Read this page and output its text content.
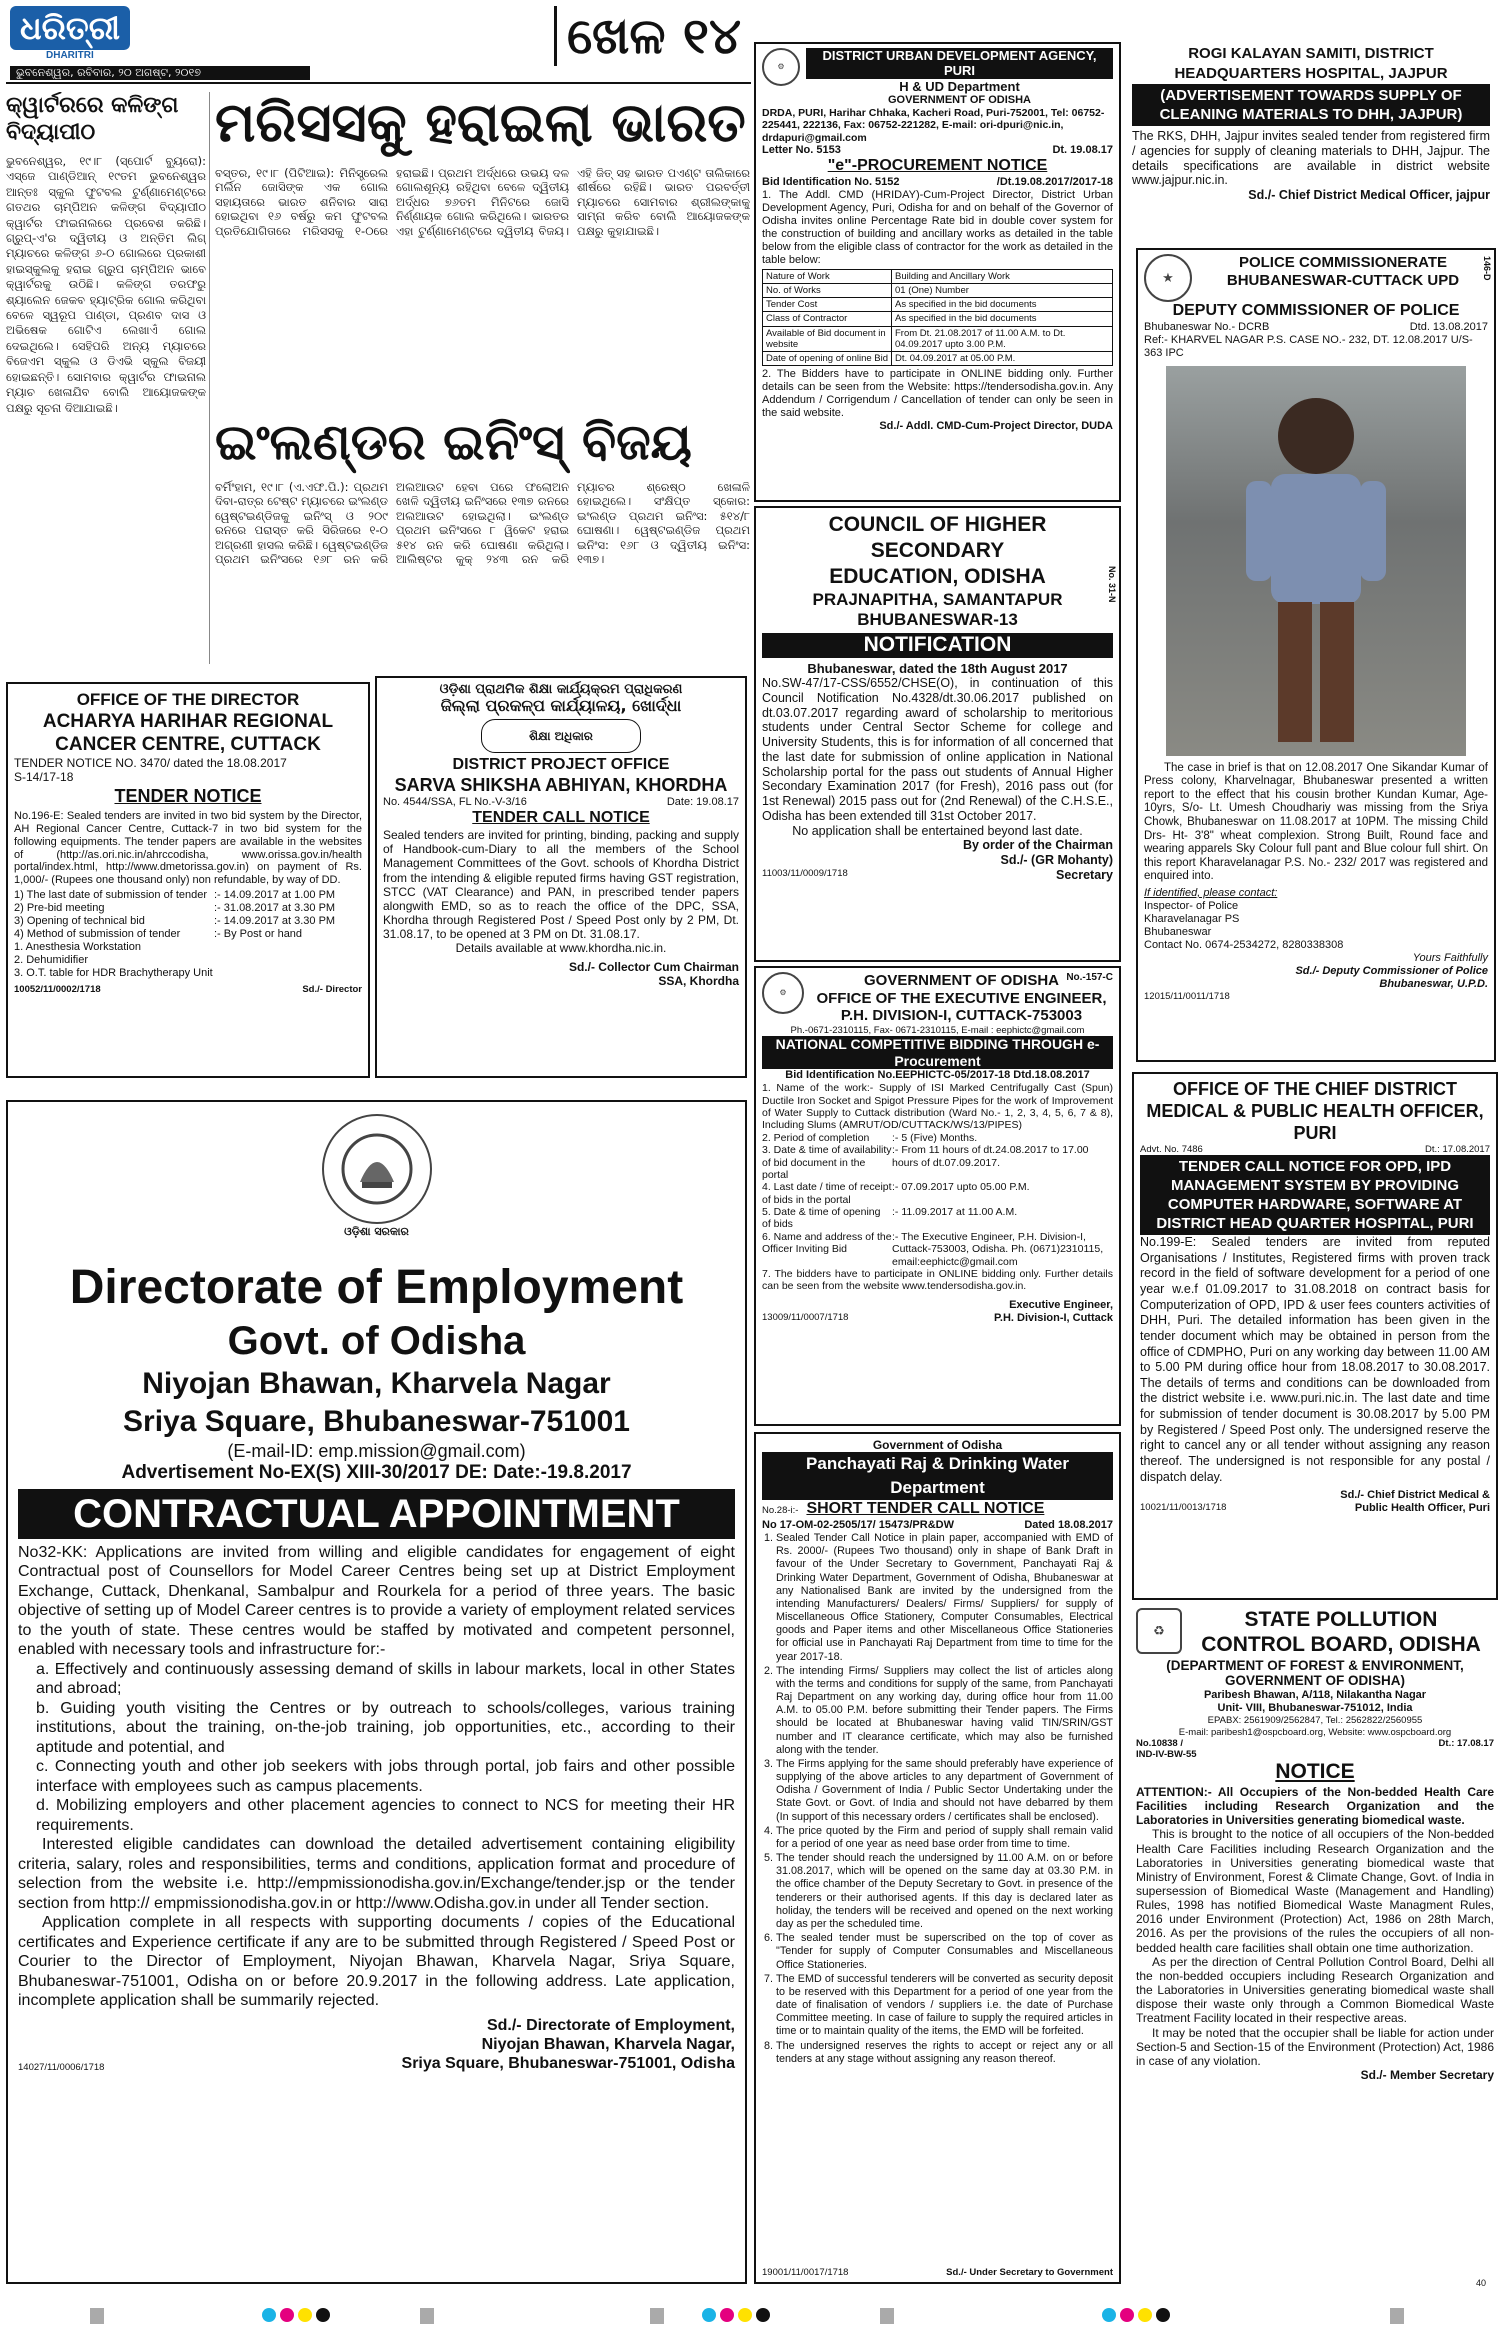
ଧରିତ୍ରୀ
DHARITRI	ଖେଳ ୧୪
ଭୁବନେଶ୍ୱର, ରବିବାର, ୨୦ ଅଗଷ୍ଟ, ୨୦୧୭
କ୍ୱାର୍ଟରରେ କଳିଙ୍ଗ ବିଦ୍ୟାପୀଠ
ଭୁବନେଶ୍ୱର, ୧୯।୮ (ସ୍ପୋର୍ଟ ବ୍ୟୁରୋ): ଏସ୍‌ଜେ ପାଣ୍ଡିଆନ୍ ୧୯ତମ ଭୁବନେଶ୍ୱର ଆନ୍ତଃ ସ୍କୁଲ ଫୁଟବଲ ଟୁର୍ଣ୍ଣାମେଣ୍ଟରେ ଗତଥର ଚାମ୍ପିଅନ କଳିଙ୍ଗ ବିଦ୍ୟାପୀଠ କ୍ୱାର୍ଟର ଫାଇନାଲରେ ପ୍ରବେଶ କରିଛି। ଗ୍ରୁପ୍‌-ଏ'ର ଦ୍ୱିତୀୟ ଓ ଅନ୍ତିମ ଲିଗ୍ ମ୍ୟାଚରେ କଳିଙ୍ଗ ୬-୦ ଗୋଲରେ ପ୍ରକାଶୀ ହାଇସ୍କୁଲକୁ ହରାଇ ଗ୍ରୁପ ଚାମ୍ପିଅନ ଭାବେ କ୍ୱାର୍ଟରକୁ ଉଠିଛି। କଳିଙ୍ଗ ତରଫରୁ ଶ୍ୟାଲେନ ଜେକବ ହ୍ୟାଟ୍ରିକ ଗୋଲ କରିଥିବା ବେଳେ ସ୍ୱରୂପ ପାଣ୍ଡା, ପ୍ରଣବ ଦାସ ଓ ଅଭିଷେକ ଗୋଟିଏ ଲେଖାଏଁ ଗୋଲ ଦେଇଥିଲେ। ସେହିପରି ଅନ୍ୟ ମ୍ୟାଚରେ ବିଜେଏମ ସ୍କୁଲ ଓ ଡିଏଭି ସ୍କୁଲ ବିଜୟୀ ହୋଇଛନ୍ତି। ସୋମବାର କ୍ୱାର୍ଟର ଫାଇନାଲ ମ୍ୟାଚ ଖେଳାଯିବ ବୋଲି ଆୟୋଜକଙ୍କ ପକ୍ଷରୁ ସୂଚନା ଦିଆଯାଇଛି।
ମରିସସକୁ ହରାଇଲା ଭାରତ
ବସ୍ତର, ୧୯।୮ (ପିଟିଆଇ): ମିନିସ୍ତ୍ରେଲ ମର୍ଲିନ ଜୋସିଙ୍କ ଏକ ଗୋଲ ସହାୟତାରେ ଭାରତ ଶନିବାର ସାରା ହୋଇଥିବା ୧୬ ବର୍ଷରୁ କମ ଫୁଟବଲ ପ୍ରତିଯୋଗିତାରେ ମରିସସକୁ ୧-୦ରେ ହରାଇଛି। ପ୍ରଥମ ଅର୍ଦ୍ଧରେ ଉଭୟ ଦଳ ଗୋଲଶୂନ୍ୟ ରହିଥିବା ବେଳେ ଦ୍ୱିତୀୟ ଅର୍ଦ୍ଧର ୭୬ତମ ମିନିଟରେ ଜୋସି ନିର୍ଣ୍ଣାୟକ ଗୋଲ କରିଥିଲେ। ଭାରତର ଏହା ଟୁର୍ଣ୍ଣାମେଣ୍ଟରେ ଦ୍ୱିତୀୟ ବିଜୟ। ଏହି ଜିତ୍ ସହ ଭାରତ ପଏଣ୍ଟ ତାଲିକାରେ ଶୀର୍ଷରେ ରହିଛି। ଭାରତ ପରବର୍ତ୍ତୀ ମ୍ୟାଚରେ ସୋମବାର ଶ୍ରୀଲଙ୍କାକୁ ସାମ୍ନା କରିବ ବୋଲି ଆୟୋଜକଙ୍କ ପକ୍ଷରୁ କୁହାଯାଇଛି।
ଇଂଲଣ୍ଡର ଇନିଂସ୍ ବିଜୟ
ବର୍ମିଂହାମ, ୧୯।୮ (ଏ.ଏଫ.ପି.): ପ୍ରଥମ ଦିବା-ରାତ୍ର ଟେଷ୍ଟ ମ୍ୟାଚରେ ଇଂଲଣ୍ଡ ୱେଷ୍ଟଇଣ୍ଡିଜକୁ ଇନିଂସ୍ ଓ ୨୦୯ ରନରେ ପରାସ୍ତ କରି ସିରିଜରେ ୧-୦ ଅଗ୍ରଣୀ ହାସଲ କରିଛି। ୱେଷ୍ଟଇଣ୍ଡିଜ ପ୍ରଥମ ଇନିଂସରେ ୧୬୮ ରନ କରି ଅଲଆଉଟ ହେବା ପରେ ଫଲୋଅନ ଖେଳି ଦ୍ୱିତୀୟ ଇନିଂସରେ ୧୩୭ ରନରେ ଅଲଆଉଟ ହୋଇଥିଲା। ଇଂଲଣ୍ଡ ପ୍ରଥମ ଇନିଂସରେ ୮ ୱିକେଟ ହରାଇ ୫୧୪ ରନ କରି ଘୋଷଣା କରିଥିଲା। ଆଲିଷ୍ଟର କୁକ୍ ୨୪୩ ରନ କରି ମ୍ୟାଚର ଶ୍ରେଷ୍ଠ ଖେଳାଳି ହୋଇଥିଲେ। ସଂକ୍ଷିପ୍ତ ସ୍କୋର: ଇଂଲଣ୍ଡ ପ୍ରଥମ ଇନିଂସ: ୫୧୪/୮ ଘୋଷଣା। ୱେଷ୍ଟଇଣ୍ଡିଜ ପ୍ରଥମ ଇନିଂସ: ୧୬୮ ଓ ଦ୍ୱିତୀୟ ଇନିଂସ: ୧୩୭।
OFFICE OF THE DIRECTOR
ACHARYA HARIHAR REGIONAL CANCER CENTRE, CUTTACK
TENDER NOTICE NO. 3470/ dated the 18.08.2017
S-14/17-18
TENDER NOTICE
No.196-E: Sealed tenders are invited in two bid system by the Director, AH Regional Cancer Centre, Cuttack-7 in two bid system for the following equipments. The tender papers are available in the websites of (http://as.ori.nic.in/ahrccodisha, www.orissa.gov.in/health portal/index.html, http://www.dmetorissa.gov.in) on payment of Rs. 1,000/- (Rupees one thousand only) non refundable, by way of DD.
1) The last date of submission of tender :- 14.09.2017 at 1.00 PM
2) Pre-bid meeting	:- 31.08.2017 at 3.30 PM
3) Opening of technical bid	:- 14.09.2017 at 3.30 PM
4) Method of submission of tender	:- By Post or hand
1. Anesthesia Workstation
2. Dehumidifier
3. O.T. table for HDR Brachytherapy Unit
10052/11/0002/1718	Sd./- Director
ଓଡ଼ିଶା ପ୍ରାଥମିକ ଶିକ୍ଷା କାର୍ଯ୍ୟକ୍ରମ ପ୍ରାଧିକରଣ
ଜିଲ୍ଲା ପ୍ରକଳ୍ପ କାର୍ଯ୍ୟାଳୟ, ଖୋର୍ଦ୍ଧା
ଶିକ୍ଷା ଅଧିକାର
DISTRICT PROJECT OFFICE
SARVA SHIKSHA ABHIYAN, KHORDHA
No. 4544/SSA, FL No.-V-3/16	Date: 19.08.17
TENDER CALL NOTICE
Sealed tenders are invited for printing, binding, packing and supply of Handbook-cum-Diary to all the members of the School Management Committees of the Govt. schools of Khordha District from the intending & eligible reputed firms having GST registration, STCC (VAT Clearance) and PAN, in prescribed tender papers alongwith EMD, so as to reach the office of the DPC, SSA, Khordha through Registered Post / Speed Post only by 2 PM, Dt. 31.08.17, to be opened at 3 PM on Dt. 31.08.17.
Details available at www.khordha.nic.in.
Sd./- Collector Cum Chairman
SSA, Khordha
ଓଡ଼ିଶା ସରକାର
Directorate of Employment
Govt. of Odisha
Niyojan Bhawan, Kharvela Nagar
Sriya Square, Bhubaneswar-751001
(E-mail-ID: emp.mission@gmail.com)
Advertisement No-EX(S) XIII-30/2017 DE: Date:-19.8.2017
CONTRACTUAL APPOINTMENT
No32-KK: Applications are invited from willing and eligible candidates for engagement of eight Contractual post of Counsellors for Model Career Centres being set up at District Employment Exchange, Cuttack, Dhenkanal, Sambalpur and Rourkela for a period of three years. The basic objective of setting up of Model Career centres is to provide a variety of employment related services to the youth of state. These centres would be staffed by motivated and competent personnel, enabled with necessary tools and infrastructure for:-
a. Effectively and continuously assessing demand of skills in labour markets, local in other States and abroad;
b. Guiding youth visiting the Centres or by outreach to schools/colleges, various training institutions, about the training, on-the-job training, job opportunities, etc., according to their aptitude and potential, and
c. Connecting youth and other job seekers with jobs through portal, job fairs and other possible interface with employees such as campus placements.
d. Mobilizing employers and other placement agencies to connect to NCS for meeting their HR requirements.
Interested eligible candidates can download the detailed advertisement containing eligibility criteria, salary, roles and responsibilities, terms and conditions, application format and procedure of selection from the website i.e. http://empmissionodisha.gov.in/Exchange/tender.jsp or the tender section from http:// empmissionodisha.gov.in or http://www.Odisha.gov.in under all Tender section.
Application complete in all respects with supporting documents / copies of the Educational certificates and Experience certificate if any are to be submitted through Registered / Speed Post or Courier to the Director of Employment, Niyojan Bhawan, Kharvela Nagar, Sriya Square, Bhubaneswar-751001, Odisha on or before 20.9.2017 in the following address. Late application, incomplete application shall be summarily rejected.
Sd./- Directorate of Employment,
Niyojan Bhawan, Kharvela Nagar,
14027/11/0006/1718	Sriya Square, Bhubaneswar-751001, Odisha
⚙
DISTRICT URBAN DEVELOPMENT AGENCY, PURI
H & UD Department
GOVERNMENT OF ODISHA
DRDA, PURI, Harihar Chhaka, Kacheri Road, Puri-752001, Tel: 06752-225441, 222136, Fax: 06752-221282, E-mail: ori-dpuri@nic.in, drdapuri@gmail.com
Letter No. 5153	Dt. 19.08.17
"e"-PROCUREMENT NOTICE
Bid Identification No. 5152	/Dt.19.08.2017/2017-18
1. The Addl. CMD (HRIDAY)-Cum-Project Director, District Urban Development Agency, Puri, Odisha for and on behalf of the Governor of Odisha invites online Percentage Rate bid in double cover system for the construction of building and ancillary works as detailed in the table below from the eligible class of contractor for the work as detailed in the table below:
Nature of Work	Building and Ancillary Work
No. of Works	01 (One) Number
Tender Cost	As specified in the bid documents
Class of Contractor	As specified in the bid documents
Available of Bid document in website	From Dt. 21.08.2017 of 11.00 A.M. to Dt. 04.09.2017 upto 3.00 P.M.
Date of opening of online Bid	Dt. 04.09.2017 at 05.00 P.M.
2. The Bidders have to participate in ONLINE bidding only. Further details can be seen from the Website: https://tendersodisha.gov.in. Any Addendum / Corrigendum / Cancellation of tender can only be seen in the said website.
Sd./- Addl. CMD-Cum-Project Director, DUDA
COUNCIL OF HIGHER SECONDARY
EDUCATION, ODISHA
PRAJNAPITHA, SAMANTAPUR
BHUBANESWAR-13
No. 31-N
NOTIFICATION
Bhubaneswar, dated the 18th August 2017
No.SW-47/17-CSS/6552/CHSE(O), in continuation of this Council Notification No.4328/dt.30.06.2017 published on dt.03.07.2017 regarding award of scholarship to meritorious students under Central Sector Scheme for college and University Students, this is for information of all concerned that the last date for submission of online application in National Scholarship portal for the pass out students of Annual Higher Secondary Examination 2017 (for Fresh), 2016 pass out (for 1st Renewal) 2015 pass out for (2nd Renewal) of the C.H.S.E., Odisha has been extended till 31st October 2017.
No application shall be entertained beyond last date.
By order of the Chairman
Sd./- (GR Mohanty)
11003/11/0009/1718	Secretary
No.-157-C
⚙
GOVERNMENT OF ODISHA
OFFICE OF THE EXECUTIVE ENGINEER, P.H. DIVISION-I, CUTTACK-753003
Ph.-0671-2310115, Fax- 0671-2310115, E-mail : eephictc@gmail.com
NATIONAL COMPETITIVE BIDDING THROUGH e-Procurement
Bid Identification No.EEPHICTC-05/2017-18 Dtd.18.08.2017
1. Name of the work:- Supply of ISI Marked Centrifugally Cast (Spun) Ductile Iron Socket and Spigot Pressure Pipes for the work of Improvement of Water Supply to Cuttack distribution (Ward No.- 1, 2, 3, 4, 5, 6, 7 & 8), Including Slums (AMRUT/OD/CUTTACK/WS/13/PIPES)
2. Period of completion	:- 5 (Five) Months.
3. Date & time of availability of bid document in the portal
:- From 11 hours of dt.24.08.2017 to 17.00 hours of dt.07.09.2017.
4. Last date / time of receipt of bids in the portal
:- 07.09.2017 upto 05.00 P.M.
5. Date & time of opening of bids
:- 11.09.2017 at 11.00 A.M.
6. Name and address of the Officer Inviting Bid
:- The Executive Engineer, P.H. Division-I, Cuttack-753003, Odisha. Ph. (0671)2310115, email:eephictc@gmail.com
7. The bidders have to participate in ONLINE bidding only. Further details can be seen from the website www.tendersodisha.gov.in.
Executive Engineer,
13009/11/0007/1718	P.H. Division-I, Cuttack
Government of Odisha
Panchayati Raj & Drinking Water Department
No.28-i:- SHORT TENDER CALL NOTICE
No 17-OM-02-2505/17/ 15473/PR&DW	Dated 18.08.2017
1. Sealed Tender Call Notice in plain paper, accompanied with EMD of Rs. 2000/- (Rupees Two thousand) only in shape of Bank Draft in favour of the Under Secretary to Government, Panchayati Raj & Drinking Water Department, Government of Odisha, Bhubaneswar at any Nationalised Bank are invited by the undersigned from the intending Manufacturers/ Dealers/ Firms/ Suppliers/ for supply of Miscellaneous Office Stationery, Computer Consumables, Electrical goods and Paper items and other Miscellaneous Office Stationeries for official use in Panchayati Raj Department from time to time for the year 2017-18.
2. The intending Firms/ Suppliers may collect the list of articles along with the terms and conditions for supply of the same, from Panchayati Raj Department on any working day, during office hour from 11.00 A.M. to 05.00 P.M. before submitting their Tender papers. The Firms should be located at Bhubaneswar having valid TIN/SRIN/GST number and IT clearance certificate, which may also be furnished along with the tender.
3. The Firms applying for the same should preferably have experience of supplying of the above articles to any department of Government of Odisha / Government of India / Public Sector Undertaking under the State Govt. or Govt. of India and should not have debarred by them (In support of this necessary orders / certificates shall be enclosed).
4. The price quoted by the Firm and period of supply shall remain valid for a period of one year as need base order from time to time.
5. The tender should reach the undersigned by 11.00 A.M. on or before 31.08.2017, which will be opened on the same day at 03.30 P.M. in the office chamber of the Deputy Secretary to Govt. in presence of the tenderers or their authorised agents. If this day is declared later as holiday, the tenders will be received and opened on the next working day as per the scheduled time.
6. The sealed tender must be superscribed on the top of cover as "Tender for supply of Computer Consumables and Miscellaneous Office Stationeries.
7. The EMD of successful tenderers will be converted as security deposit to be reserved with this Department for a period of one year from the date of finalisation of vendors / suppliers i.e. the date of Purchase Committee meeting. In case of failure to supply the required articles in time or to maintain quality of the items, the EMD will be forfeited.
8. The undersigned reserves the rights to accept or reject any or all tenders at any stage without assigning any reason thereof.
19001/11/0017/1718	Sd./- Under Secretary to Government
ROGI KALAYAN SAMITI, DISTRICT HEADQUARTERS HOSPITAL, JAJPUR
(ADVERTISEMENT TOWARDS SUPPLY OF CLEANING MATERIALS TO DHH, JAJPUR)
The RKS, DHH, Jajpur invites sealed tender from registered firm / agencies for supply of cleaning materials to DHH, Jajpur. The details specifications are available in district website www.jajpur.nic.in.
Sd./- Chief District Medical Officer, jajpur
146-D
★
POLICE COMMISSIONERATE
BHUBANESWAR-CUTTACK UPD
DEPUTY COMMISSIONER OF POLICE
Bhubaneswar No.- DCRB	Dtd. 13.08.2017
Ref:- KHARVEL NAGAR P.S. CASE NO.- 232, DT. 12.08.2017 U/S-363 IPC
The case in brief is that on 12.08.2017 One Sikandar Kumar of Press colony, Kharvelnagar, Bhubaneswar presented a written report to the effect that his cousin brother Kundan Kumar, Age-10yrs, S/o- Lt. Umesh Choudhariy was missing from the Sriya Chowk, Bhubaneswar on 11.08.2017 at 10PM. The missing Child Drs- Ht- 3'8" wheat complexion. Strong Built, Round face and wearing apparels Sky Colour full pant and Blue colour full shirt. On this report Kharavelanagar P.S. No.- 232/ 2017 was registered and enquired into.
If identified, please contact:
Inspector- of Police
Kharavelanagar PS
Bhubaneswar
Contact No. 0674-2534272, 8280338308
Yours Faithfully
Sd./- Deputy Commissioner of Police
Bhubaneswar, U.P.D.
12015/11/0011/1718
OFFICE OF THE CHIEF DISTRICT MEDICAL & PUBLIC HEALTH OFFICER, PURI
Advt. No. 7486	Dt.: 17.08.2017
TENDER CALL NOTICE FOR OPD, IPD MANAGEMENT SYSTEM BY PROVIDING COMPUTER HARDWARE, SOFTWARE AT DISTRICT HEAD QUARTER HOSPITAL, PURI
No.199-E: Sealed tenders are invited from reputed Organisations / Institutes, Registered firms with proven track record in the field of software development for a period of one year w.e.f 01.09.2017 to 31.08.2018 on contract basis for Computerization of OPD, IPD & user fees counters activities of DHH, Puri. The detailed information has been given in the tender document which may be obtained in person from the office of CDMPHO, Puri on any working day between 11.00 AM to 5.00 PM during office hour from 18.08.2017 to 30.08.2017. The details of terms and conditions can be downloaded from the district website i.e. www.puri.nic.in. The last date and time for submission of tender document is 30.08.2017 by 5.00 PM by Registered / Speed Post only. The undersigned reserve the right to cancel any or all tender without assigning any reason thereof. The undersigned is not responsible for any postal / dispatch delay.
Sd./- Chief District Medical &
10021/11/0013/1718	Public Health Officer, Puri
♻	STATE POLLUTION
CONTROL BOARD, ODISHA
(DEPARTMENT OF FOREST & ENVIRONMENT, GOVERNMENT OF ODISHA)
Paribesh Bhawan, A/118, Nilakantha Nagar
Unit- VIII, Bhubaneswar-751012, India
EPABX: 2561909/2562847, Tel.: 2562822/2560955
E-mail: paribesh1@ospcboard.org, Website: www.ospcboard.org
No.10838 /	Dt.: 17.08.17
IND-IV-BW-55
NOTICE
ATTENTION:- All Occupiers of the Non-bedded Health Care Facilities including Research Organization and the Laboratories in Universities generating biomedical waste.
This is brought to the notice of all occupiers of the Non-bedded Health Care Facilities including Research Organization and the Laboratories in Universities generating biomedical waste that Ministry of Environment, Forest & Climate Change, Govt. of India in supersession of Biomedical Waste (Management and Handling) Rules, 1998 has notified Biomedical Waste Managment Rules, 2016 under Environment (Protection) Act, 1986 on 28th March, 2016. As per the provisions of the rules the occupiers of all non-bedded health care facilities shall obtain one time authorization.
As per the direction of Central Pollution Control Board, Delhi all the non-bedded occupiers including Research Organization and the Laboratories in Universities generating biomedical waste shall dispose their waste only through a Common Biomedical Waste Treatment Facility located in their respective areas.
It may be noted that the occupier shall be liable for action under Section-5 and Section-15 of the Environment (Protection) Act, 1986 in case of any violation.
Sd./- Member Secretary
40
